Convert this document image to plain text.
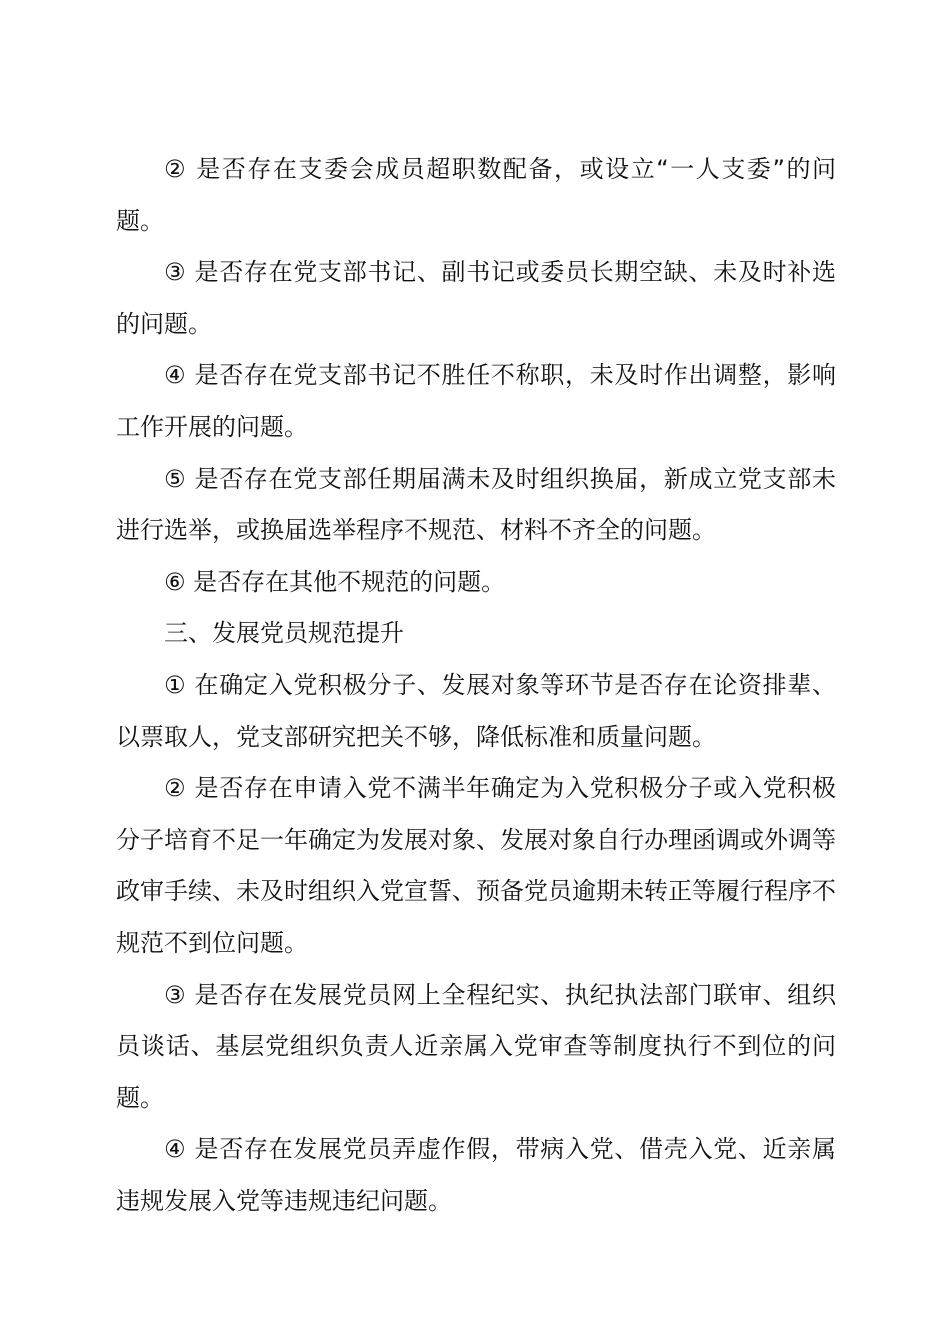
② 是否存在支委会成员超职数配备，或设立“一人支委”的问题。

③ 是否存在党支部书记、副书记或委员长期空缺、未及时补选的问题。

④ 是否存在党支部书记不胜任不称职，未及时作出调整，影响工作开展的问题。

⑤ 是否存在党支部任期届满未及时组织换届，新成立党支部未进行选举，或换届选举程序不规范、材料不齐全的问题。

⑥ 是否存在其他不规范的问题。

三、发展党员规范提升

① 在确定入党积极分子、发展对象等环节是否存在论资排辈、以票取人，党支部研究把关不够，降低标准和质量问题。

② 是否存在申请入党不满半年确定为入党积极分子或入党积极分子培育不足一年确定为发展对象、发展对象自行办理函调或外调等政审手续、未及时组织入党宣誓、预备党员逾期未转正等履行程序不规范不到位问题。

③ 是否存在发展党员网上全程纪实、执纪执法部门联审、组织员谈话、基层党组织负责人近亲属入党审查等制度执行不到位的问题。

④ 是否存在发展党员弄虚作假，带病入党、借壳入党、近亲属违规发展入党等违规违纪问题。
